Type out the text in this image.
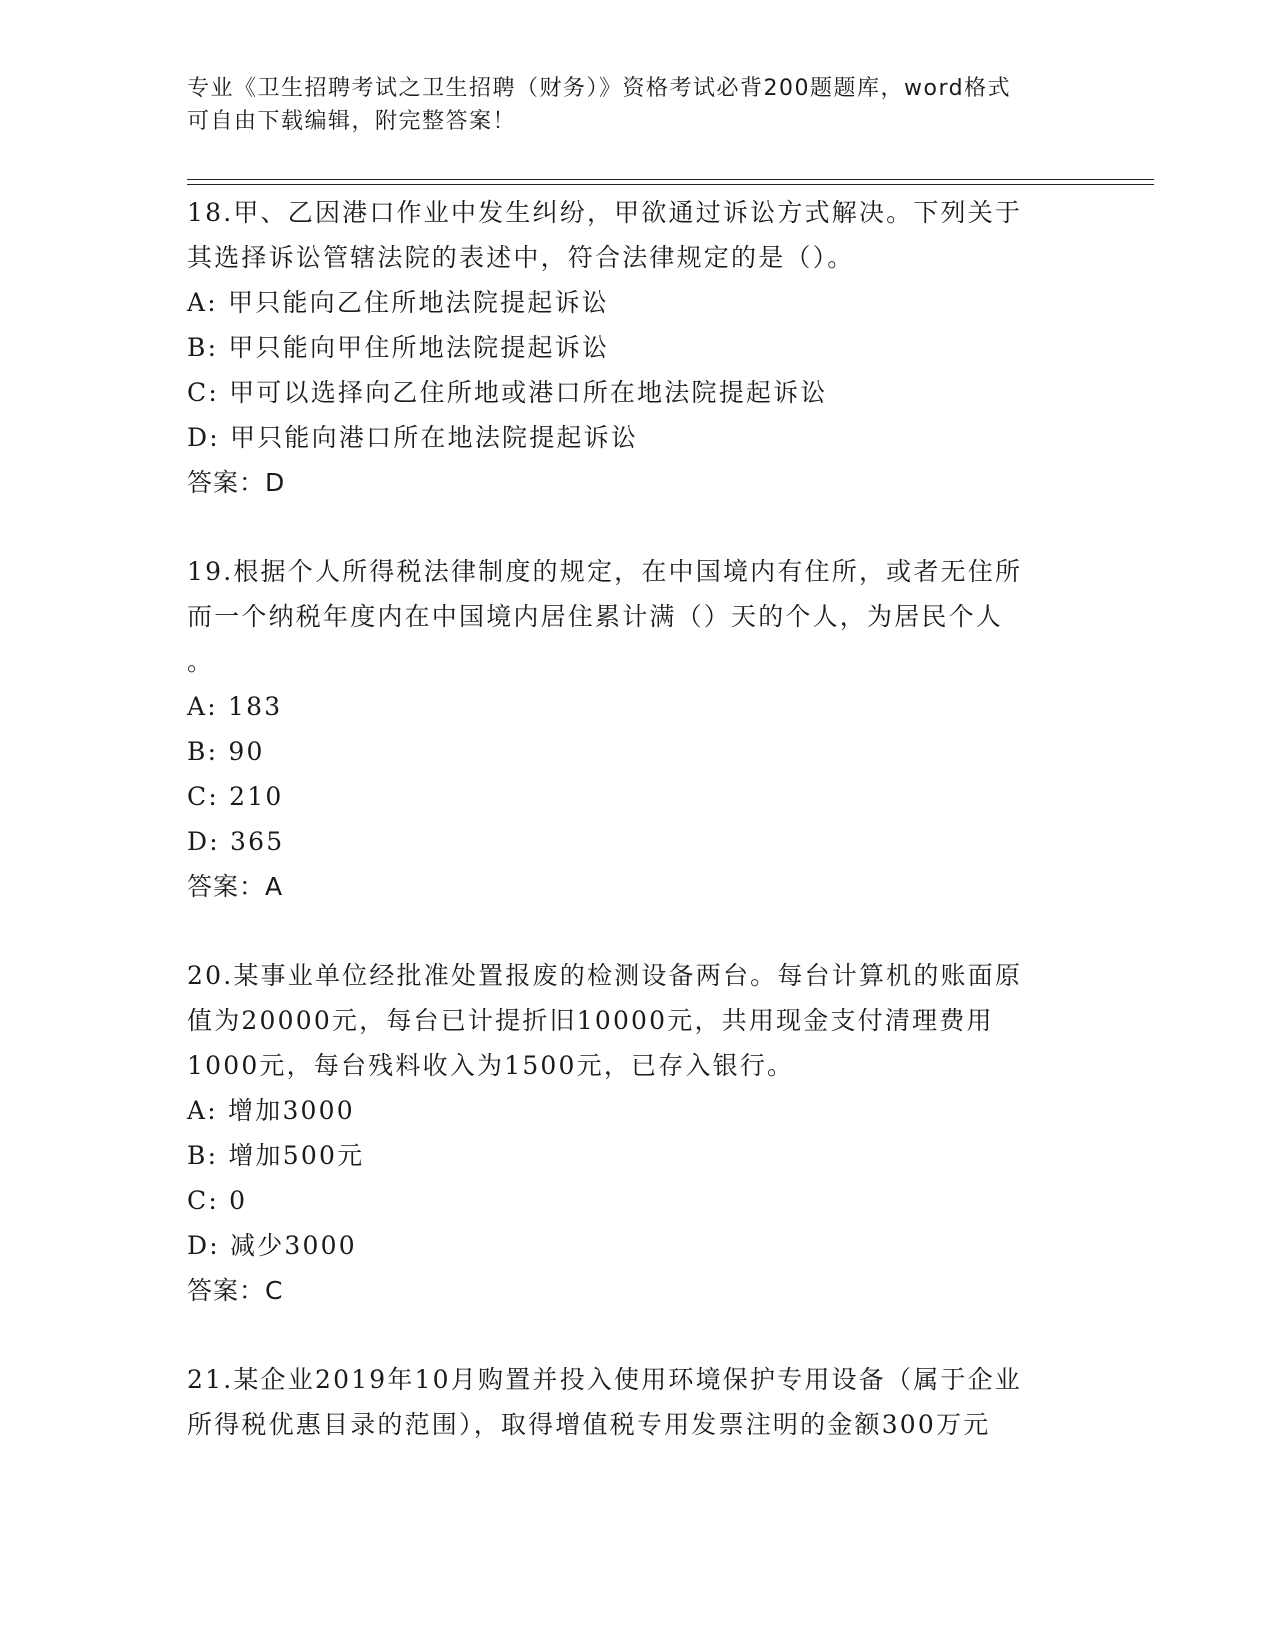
专业《卫生招聘考试之卫生招聘（财务）》资格考试必背200题题库，word格式
可自由下载编辑，附完整答案！
18.甲、乙因港口作业中发生纠纷，甲欲通过诉讼方式解决。下列关于
其选择诉讼管辖法院的表述中，符合法律规定的是（）。
A: 甲只能向乙住所地法院提起诉讼
B: 甲只能向甲住所地法院提起诉讼
C: 甲可以选择向乙住所地或港口所在地法院提起诉讼
D: 甲只能向港口所在地法院提起诉讼
答案：D
19.根据个人所得税法律制度的规定，在中国境内有住所，或者无住所
而一个纳税年度内在中国境内居住累计满（）天的个人，为居民个人
。
A: 183
B: 90
C: 210
D: 365
答案：A
20.某事业单位经批准处置报废的检测设备两台。每台计算机的账面原
值为20000元，每台已计提折旧10000元，共用现金支付清理费用
1000元，每台残料收入为1500元，已存入银行。
A: 增加3000
B: 增加500元
C: 0
D: 减少3000
答案：C
21.某企业2019年10月购置并投入使用环境保护专用设备（属于企业
所得税优惠目录的范围），取得增值税专用发票注明的金额300万元
